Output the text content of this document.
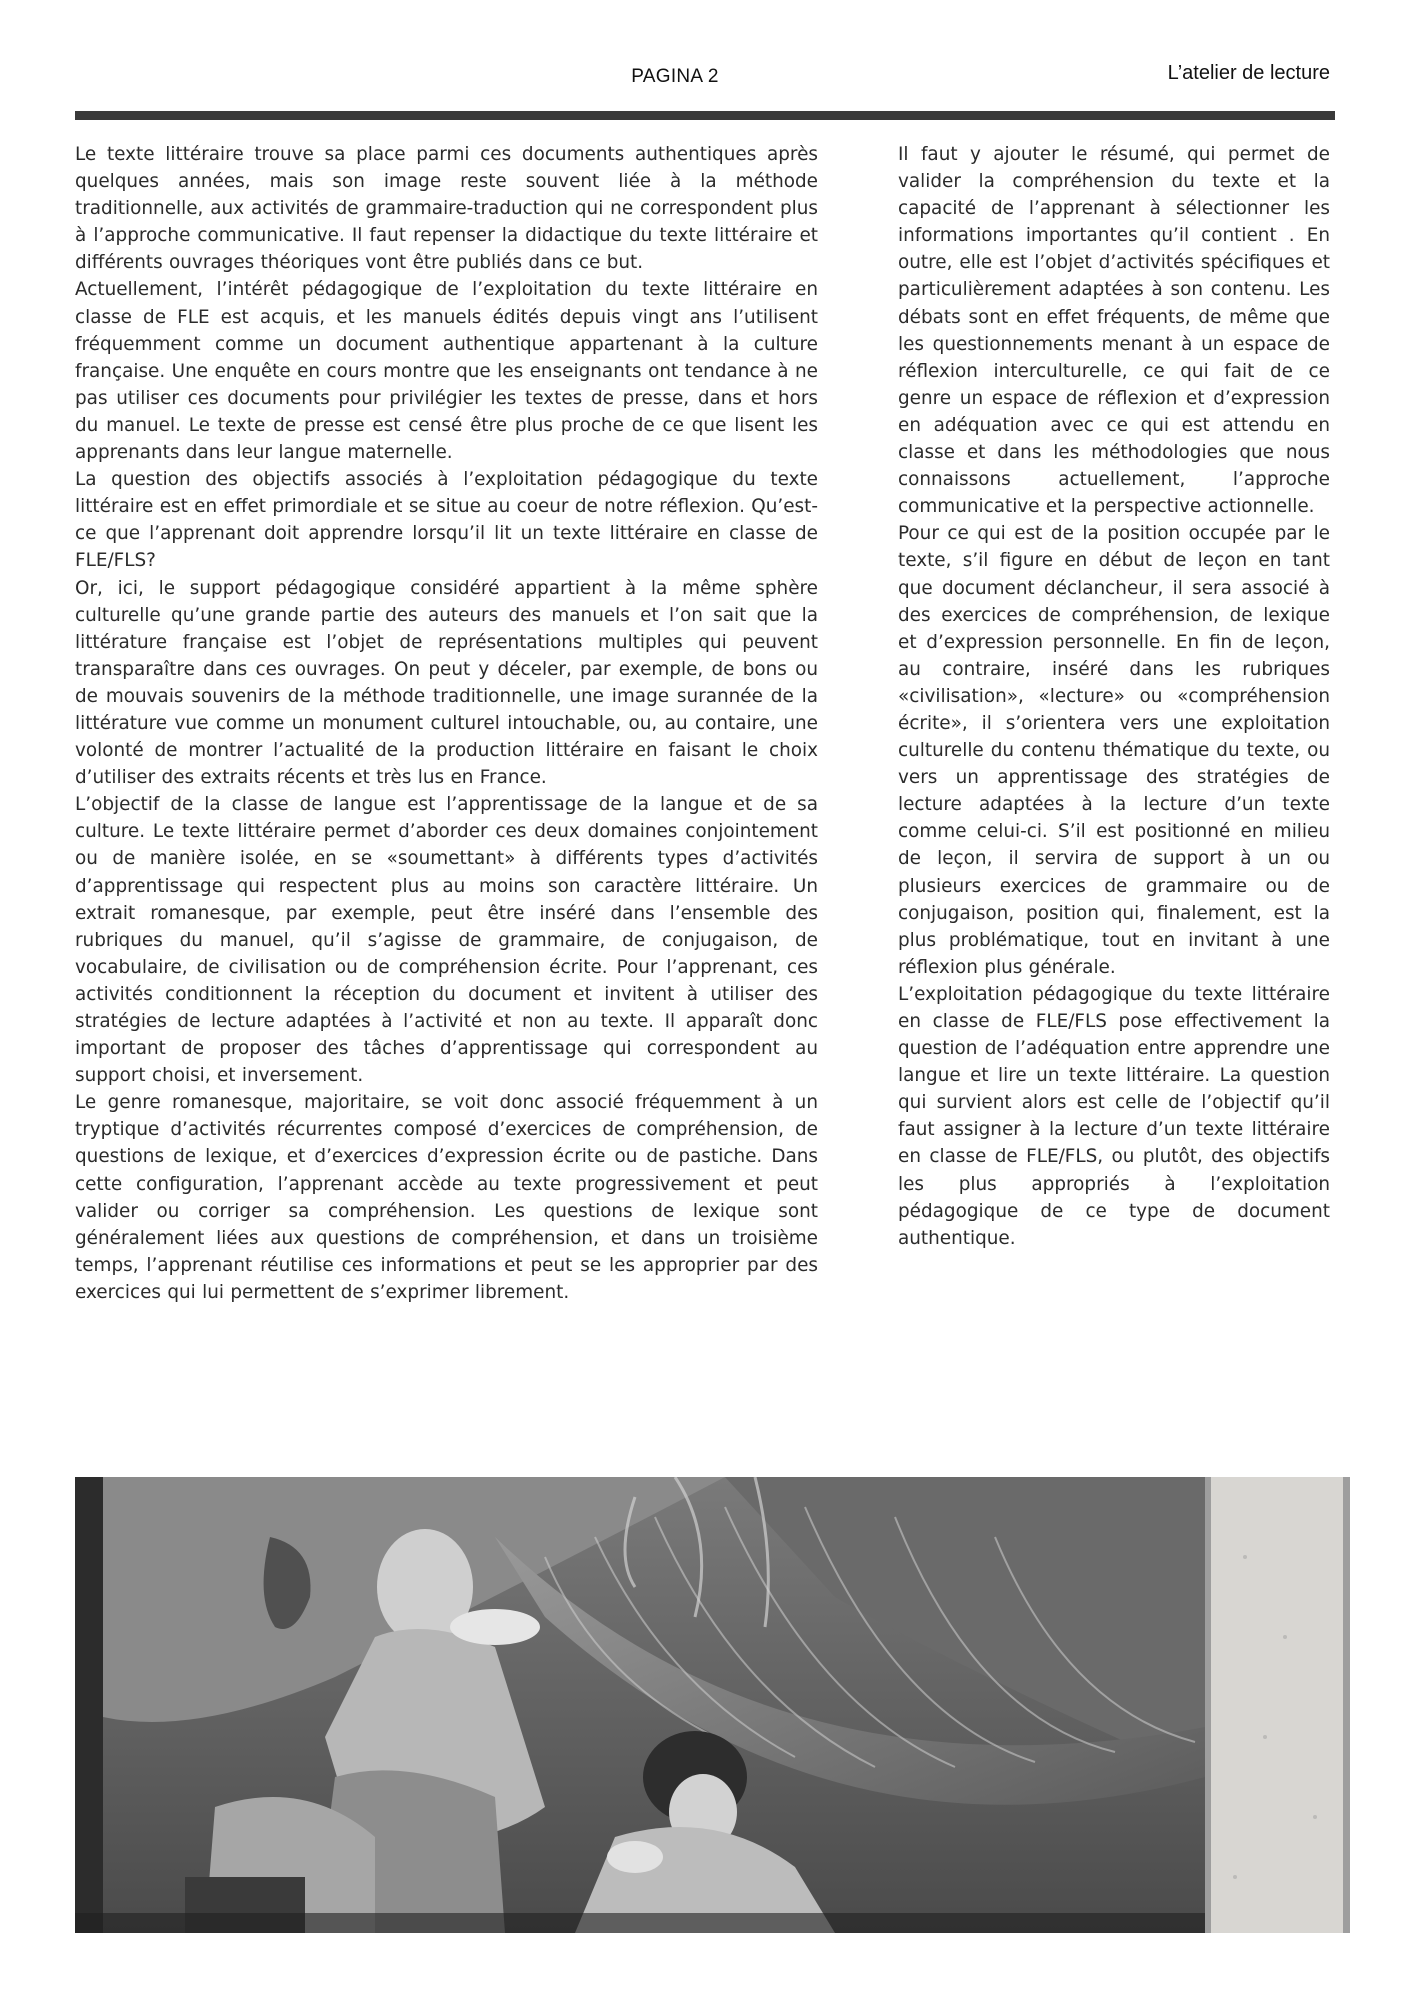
PAGINA 2	L’atelier de lecture

Le texte littéraire trouve sa place parmi ces documents authentiques après quelques années, mais son image reste souvent liée à la méthode traditionnelle, aux activités de grammaire-traduction qui ne correspondent plus à l’approche communicative. Il faut repenser la didactique du texte littéraire et différents ouvrages théoriques vont être publiés dans ce but.

Actuellement, l’intérêt pédagogique de l’exploitation du texte littéraire en classe de FLE est acquis, et les manuels édités depuis vingt ans l’utilisent fréquemment comme un document authentique appartenant à la culture française. Une enquête en cours montre que les enseignants ont tendance à ne pas utiliser ces documents pour privilégier les textes de presse, dans et hors du manuel. Le texte de presse est censé être plus proche de ce que lisent les apprenants dans leur langue maternelle.

La question des objectifs associés à l’exploitation pédagogique du texte littéraire est en effet primordiale et se situe au coeur de notre réflexion. Qu’est-ce que l’apprenant doit apprendre lorsqu’il lit un texte littéraire en classe de FLE/FLS?

Or, ici, le support pédagogique considéré appartient à la même sphère culturelle qu’une grande partie des auteurs des manuels et l’on sait que la littérature française est l’objet de représentations multiples qui peuvent transparaître dans ces ouvrages. On peut y déceler, par exemple, de bons ou de mouvais souvenirs de la méthode traditionnelle, une image surannée de la littérature vue comme un monument culturel intouchable, ou, au contaire, une volonté de montrer l’actualité de la production littéraire en faisant le choix d’utiliser des extraits récents et très lus en France.

L’objectif de la classe de langue est l’apprentissage de la langue et de sa culture. Le texte littéraire permet d’aborder ces deux domaines conjointement ou de manière isolée, en se «soumettant» à différents types d’activités d’apprentissage qui respectent plus au moins son caractère littéraire. Un extrait romanesque, par exemple, peut être inséré dans l’ensemble des rubriques du manuel, qu’il s’agisse de grammaire, de conjugaison, de vocabulaire, de civilisation ou de compréhension écrite. Pour l’apprenant, ces activités conditionnent la réception du document et invitent à utiliser des stratégies de lecture adaptées à l’activité et non au texte. Il apparaît donc important de proposer des tâches d’apprentissage qui correspondent au support choisi, et inversement.

Le genre romanesque, majoritaire, se voit donc associé fréquemment à un tryptique d’activités récurrentes composé d’exercices de compréhension, de questions de lexique, et d’exercices d’expression écrite ou de pastiche. Dans cette configuration, l’apprenant accède au texte progressivement et peut valider ou corriger sa compréhension. Les questions de lexique sont généralement liées aux questions de compréhension, et dans un troisième temps, l’apprenant réutilise ces informations et peut se les approprier par des exercices qui lui permettent de s’exprimer librement.

Il faut y ajouter le résumé, qui permet de valider la compréhension du texte et la capacité de l’apprenant à sélectionner les informations importantes qu’il contient . En outre, elle est l’objet d’activités spécifiques et particulièrement adaptées à son contenu. Les débats sont en effet fréquents, de même que les questionnements menant à un espace de réflexion interculturelle, ce qui fait de ce genre un espace de réflexion et d’expression en adéquation avec ce qui est attendu en classe et dans les méthodologies que nous connaissons actuellement, l’approche communicative et la perspective actionnelle.

Pour ce qui est de la position occupée par le texte, s’il figure en début de leçon en tant que document déclancheur, il sera associé à des exercices de compréhension, de lexique et d’expression personnelle. En fin de leçon, au contraire, inséré dans les rubriques «civilisation», «lecture» ou «compréhension écrite», il s’orientera vers une exploitation culturelle du contenu thématique du texte, ou vers un apprentissage des stratégies de lecture adaptées à la lecture d’un texte comme celui-ci. S’il est positionné en milieu de leçon, il servira de support à un ou plusieurs exercices de grammaire ou de conjugaison, position qui, finalement, est la plus problématique, tout en invitant à une réflexion plus générale.

L’exploitation pédagogique du texte littéraire en classe de FLE/FLS pose effectivement la question de l’adéquation entre apprendre une langue et lire un texte littéraire. La question qui survient alors est celle de l’objectif qu’il faut assigner à la lecture d’un texte littéraire en classe de FLE/FLS, ou plutôt, des objectifs les plus appropriés à l’exploitation pédagogique de ce type de document authentique.
